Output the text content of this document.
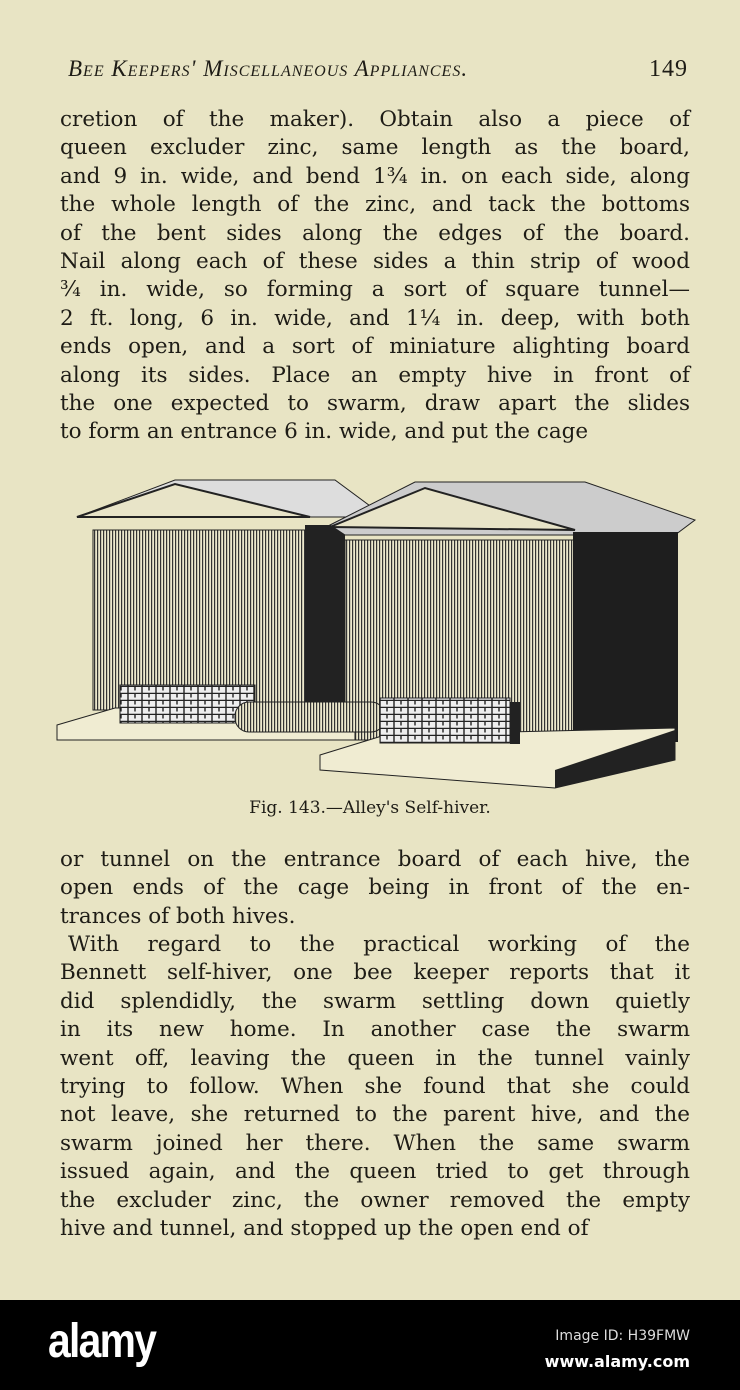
Bee Keepers' Miscellaneous Appliances.	149
cretion of the maker). Obtain also a piece of
queen excluder zinc, same length as the board,
and 9 in. wide, and bend 1¾ in. on each side, along
the whole length of the zinc, and tack the bottoms
of the bent sides along the edges of the board.
Nail along each of these sides a thin strip of wood
¾ in. wide, so forming a sort of square tunnel—
2 ft. long, 6 in. wide, and 1¼ in. deep, with both
ends open, and a sort of miniature alighting board
along its sides. Place an empty hive in front of
the one expected to swarm, draw apart the slides
to form an entrance 6 in. wide, and put the cage
Fig. 143.—Alley's Self-hiver.
or tunnel on the entrance board of each hive, the
open ends of the cage being in front of the en-
trances of both hives.
With regard to the practical working of the
Bennett self-hiver, one bee keeper reports that it
did splendidly, the swarm settling down quietly
in its new home. In another case the swarm
went off, leaving the queen in the tunnel vainly
trying to follow. When she found that she could
not leave, she returned to the parent hive, and the
swarm joined her there. When the same swarm
issued again, and the queen tried to get through
the excluder zinc, the owner removed the empty
hive and tunnel, and stopped up the open end of
alamy	Image ID: H39FMW
www.alamy.com
